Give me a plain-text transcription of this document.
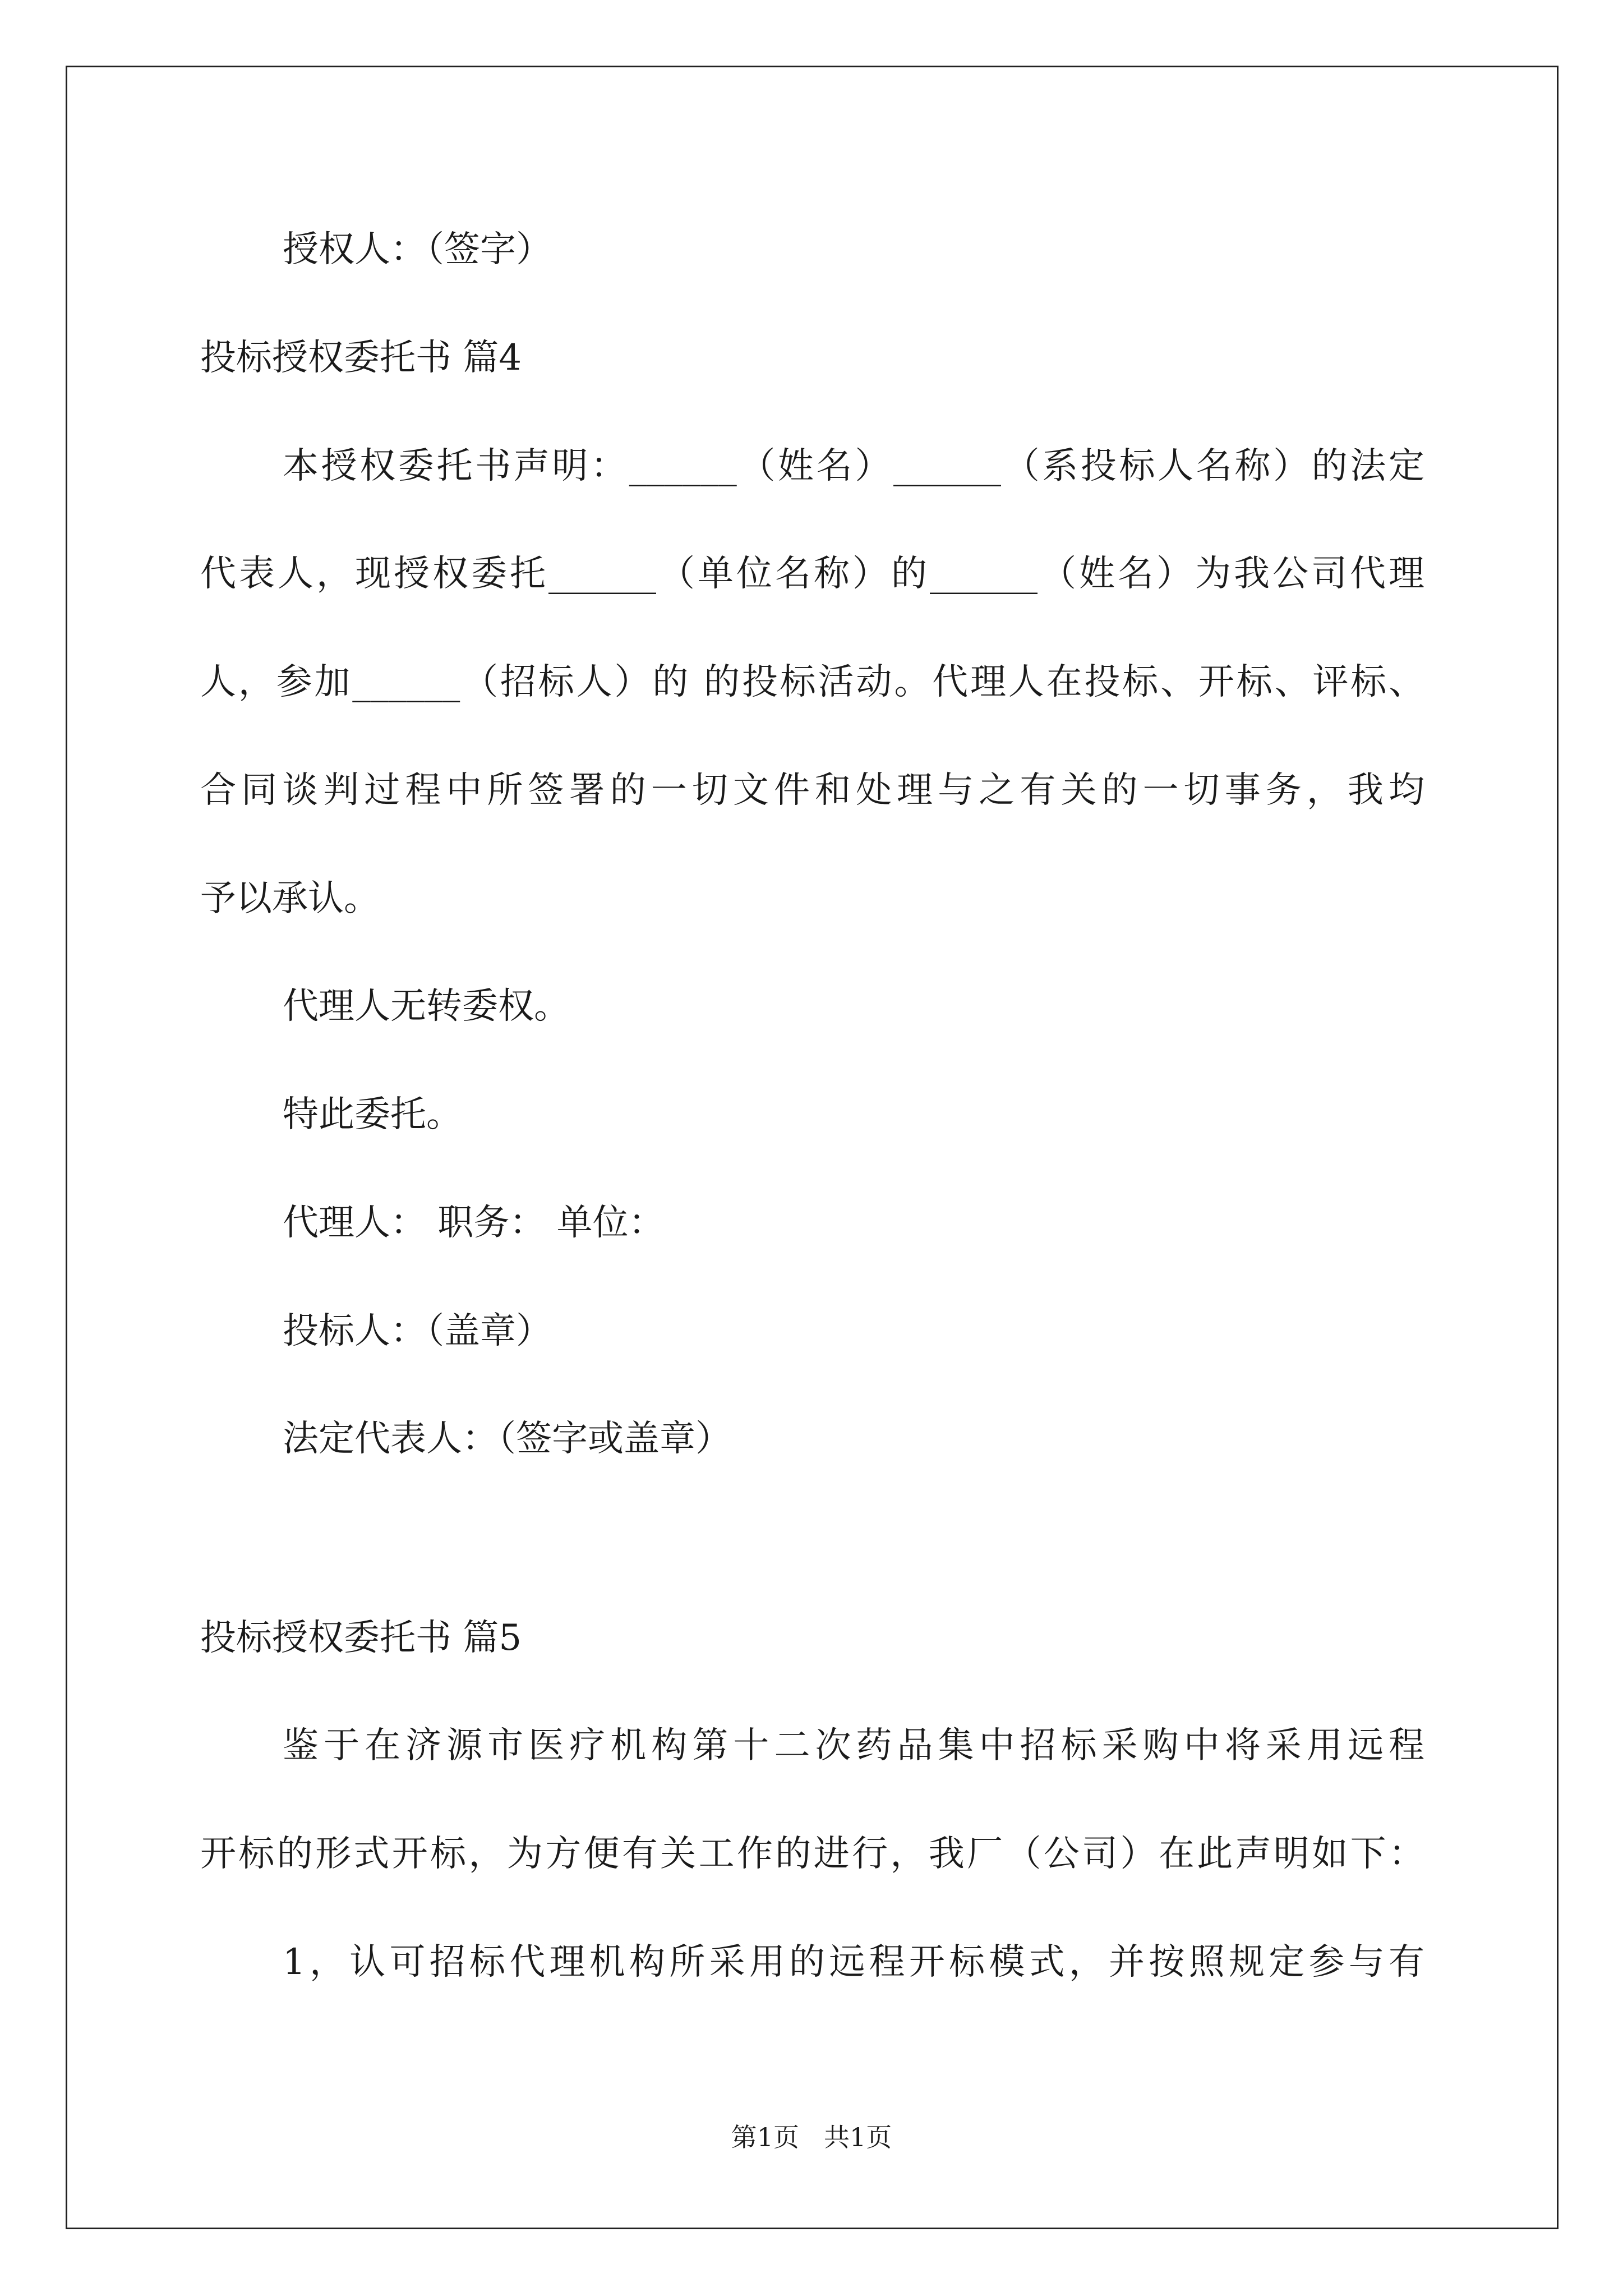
授权人：（签字）
投标授权委托书 篇4
本授权委托书声明：______（姓名）______（系投标人名称）的法定
代表人，现授权委托______（单位名称）的______（姓名）为我公司代理
人，参加______（招标人）的 的投标活动。代理人在投标、开标、评标、
合同谈判过程中所签署的一切文件和处理与之有关的一切事务，我均
予以承认。
代理人无转委权。
特此委托。
代理人： 职务： 单位：
投标人：（盖章）
法定代表人：（签字或盖章）
投标授权委托书 篇5
鉴于在济源市医疗机构第十二次药品集中招标采购中将采用远程
开标的形式开标，为方便有关工作的进行，我厂（公司）在此声明如下：
1，认可招标代理机构所采用的远程开标模式，并按照规定参与有
第1页 共1页
